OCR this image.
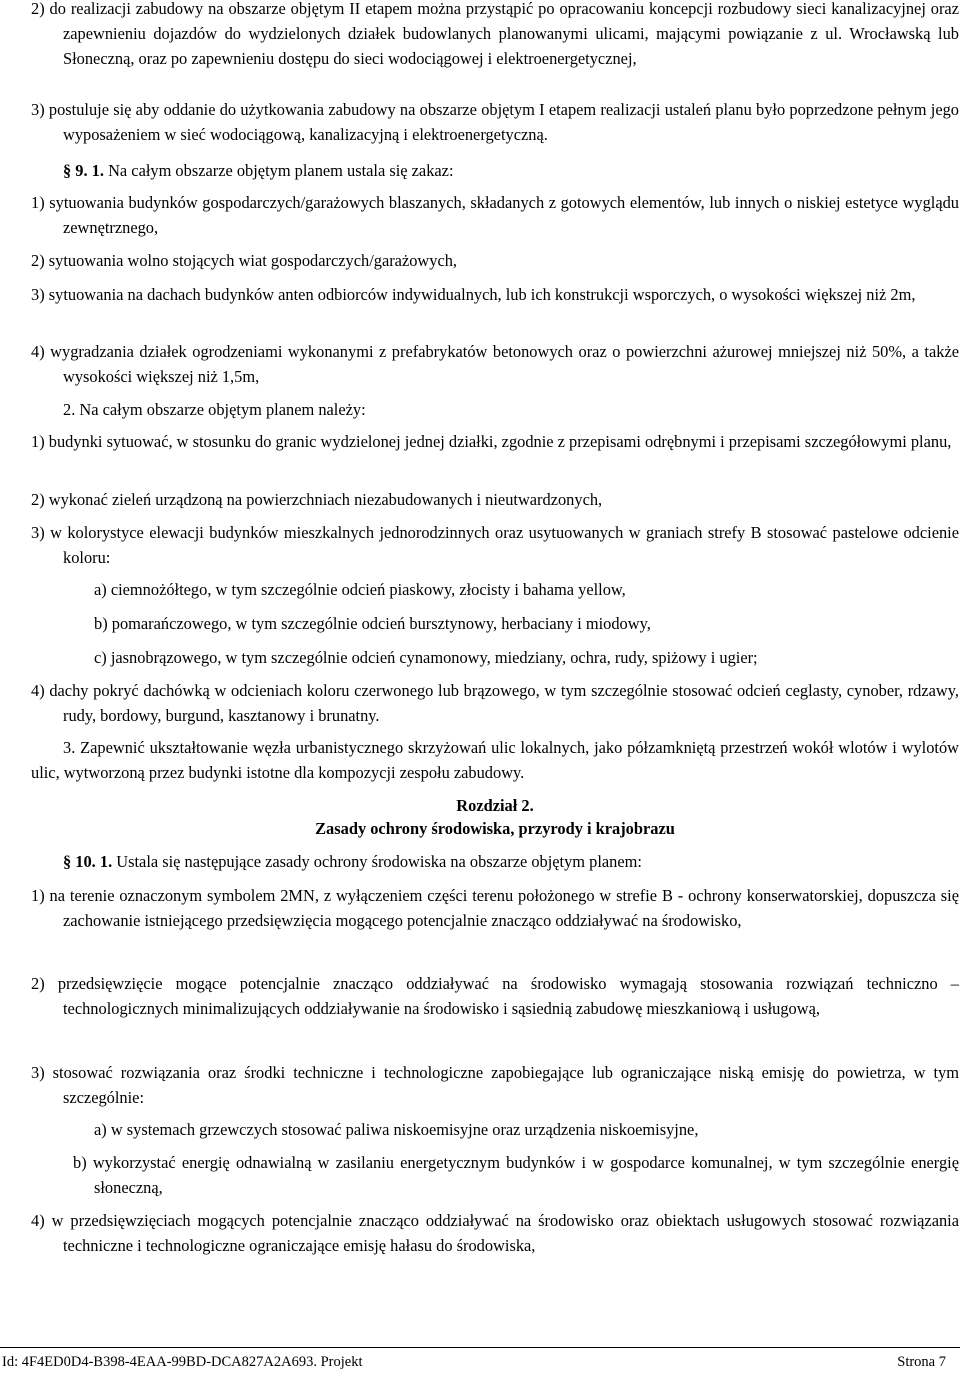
2) do realizacji zabudowy na obszarze objętym II etapem można przystąpić po opracowaniu koncepcji rozbudowy sieci kanalizacyjnej oraz zapewnieniu dojazdów do wydzielonych działek budowlanych planowanymi ulicami, mającymi powiązanie z ul. Wrocławską lub Słoneczną, oraz po zapewnieniu dostępu do sieci wodociągowej i elektroenergetycznej,
3) postuluje się aby oddanie do użytkowania zabudowy na obszarze objętym I etapem realizacji ustaleń planu było poprzedzone pełnym jego wyposażeniem w sieć wodociągową, kanalizacyjną i elektroenergetyczną.
§ 9. 1. Na całym obszarze objętym planem ustala się zakaz:
1) sytuowania budynków gospodarczych/garażowych blaszanych, składanych z gotowych elementów, lub innych o niskiej estetyce wyglądu zewnętrznego,
2) sytuowania wolno stojących wiat gospodarczych/garażowych,
3) sytuowania na dachach budynków anten odbiorców indywidualnych, lub ich konstrukcji wsporczych, o wysokości większej niż 2m,
4) wygradzania działek ogrodzeniami wykonanymi z prefabrykatów betonowych oraz o powierzchni ażurowej mniejszej niż 50%, a także wysokości większej niż 1,5m,
2. Na całym obszarze objętym planem należy:
1) budynki sytuować, w stosunku do granic wydzielonej jednej działki, zgodnie z przepisami odrębnymi i przepisami szczegółowymi planu,
2) wykonać zieleń urządzoną na powierzchniach niezabudowanych i nieutwardzonych,
3) w kolorystyce elewacji budynków mieszkalnych jednorodzinnych oraz usytuowanych w graniach strefy B stosować pastelowe odcienie koloru:
a) ciemnożółtego, w tym szczególnie odcień piaskowy, złocisty i bahama yellow,
b) pomarańczowego, w tym szczególnie odcień bursztynowy, herbaciany i miodowy,
c) jasnobrązowego, w tym szczególnie odcień cynamonowy, miedziany, ochra, rudy, spiżowy i ugier;
4) dachy pokryć dachówką w odcieniach koloru czerwonego lub brązowego, w tym szczególnie stosować odcień ceglasty, cynober, rdzawy, rudy, bordowy, burgund, kasztanowy i brunatny.
3. Zapewnić ukształtowanie węzła urbanistycznego skrzyżowań ulic lokalnych, jako półzamkniętą przestrzeń wokół wlotów i wylotów ulic, wytworzoną przez budynki istotne dla kompozycji zespołu zabudowy.
Rozdział 2.
Zasady ochrony środowiska, przyrody i krajobrazu
§ 10. 1. Ustala się następujące zasady ochrony środowiska na obszarze objętym planem:
1) na terenie oznaczonym symbolem 2MN, z wyłączeniem części terenu położonego w strefie B - ochrony konserwatorskiej, dopuszcza się zachowanie istniejącego przedsięwzięcia mogącego potencjalnie znacząco oddziaływać na środowisko,
2) przedsięwzięcie mogące potencjalnie znacząco oddziaływać na środowisko wymagają stosowania rozwiązań techniczno – technologicznych minimalizujących oddziaływanie na środowisko i sąsiednią zabudowę mieszkaniową i usługową,
3) stosować rozwiązania oraz środki techniczne i technologiczne zapobiegające lub ograniczające niską emisję do powietrza, w tym szczególnie:
a) w systemach grzewczych stosować paliwa niskoemisyjne oraz urządzenia niskoemisyjne,
b) wykorzystać energię odnawialną w zasilaniu energetycznym budynków i w gospodarce komunalnej, w tym szczególnie energię słoneczną,
4) w przedsięwzięciach mogących potencjalnie znacząco oddziaływać na środowisko oraz obiektach usługowych stosować rozwiązania techniczne i technologiczne ograniczające emisję hałasu do środowiska,
Id: 4F4ED0D4-B398-4EAA-99BD-DCA827A2A693. Projekt	Strona 7
